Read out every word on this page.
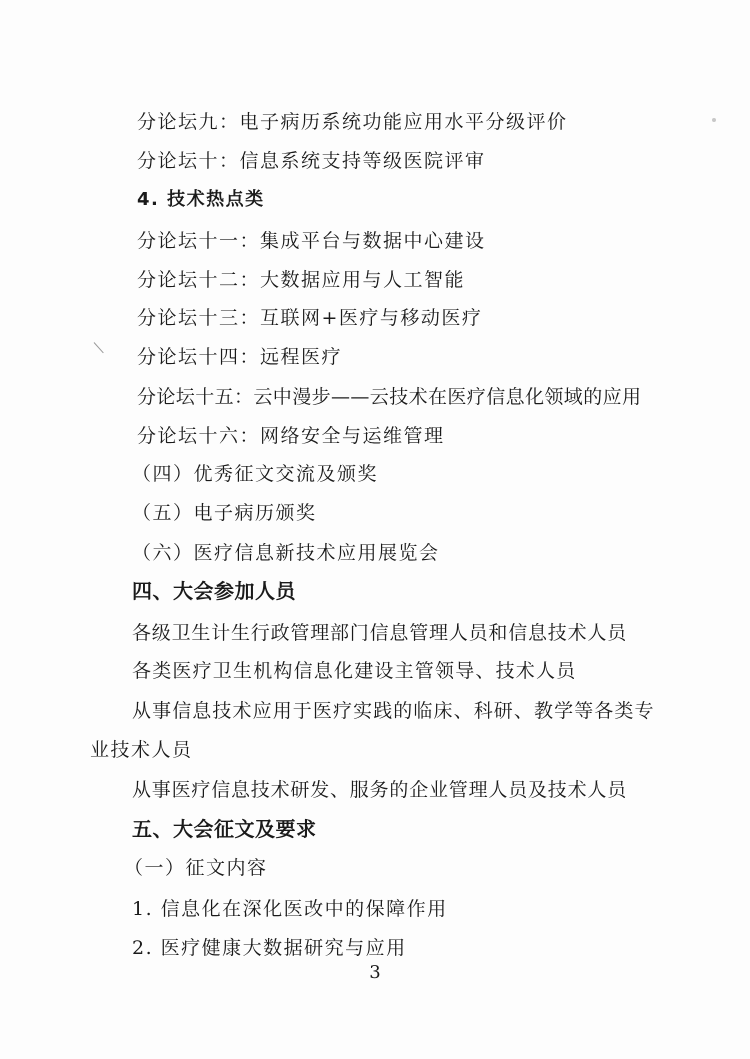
分论坛九：电子病历系统功能应用水平分级评价
分论坛十：信息系统支持等级医院评审
4. 技术热点类
分论坛十一：集成平台与数据中心建设
分论坛十二：大数据应用与人工智能
分论坛十三：互联网+医疗与移动医疗
分论坛十四：远程医疗
分论坛十五：云中漫步——云技术在医疗信息化领域的应用
分论坛十六：网络安全与运维管理
（四）优秀征文交流及颁奖
（五）电子病历颁奖
（六）医疗信息新技术应用展览会
四、大会参加人员
各级卫生计生行政管理部门信息管理人员和信息技术人员
各类医疗卫生机构信息化建设主管领导、技术人员
从事信息技术应用于医疗实践的临床、科研、教学等各类专
业技术人员
从事医疗信息技术研发、服务的企业管理人员及技术人员
五、大会征文及要求
（一）征文内容
1. 信息化在深化医改中的保障作用
2. 医疗健康大数据研究与应用
3
